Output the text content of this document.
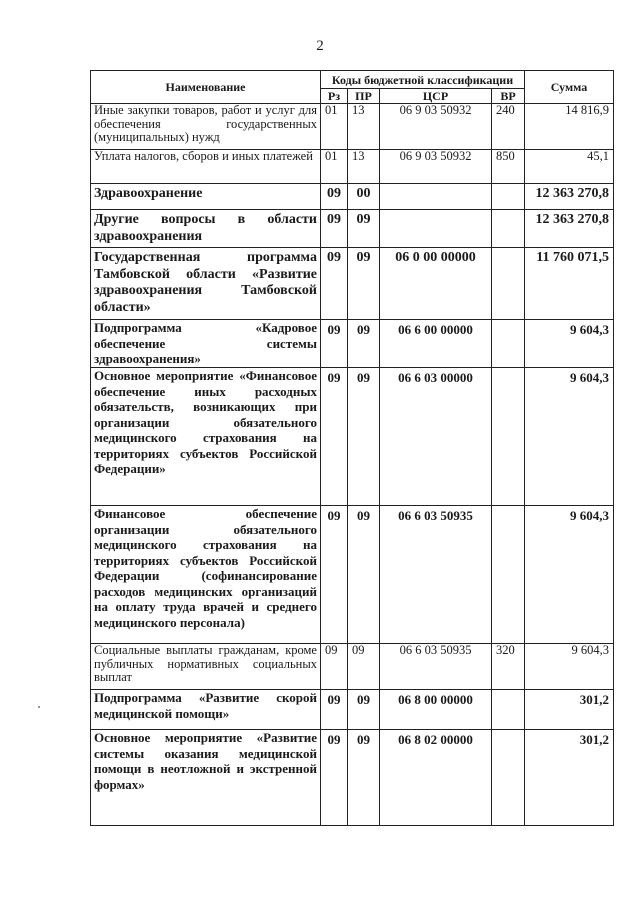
2
Наименование	Коды бюджетной классификации				Сумма
	Рз	ПР	ЦСР	ВР	
Иные закупки товаров, работ и услуг для обеспечения государственных (муниципальных) нужд	01	13	06 9 03 50932	240	14 816,9
Уплата налогов, сборов и иных платежей	01	13	06 9 03 50932	850	45,1
Здравоохранение	09	00			12 363 270,8
Другие вопросы в области здравоохранения	09	09			12 363 270,8
Государственная программа Тамбовской области «Развитие здравоохранения Тамбовской области»	09	09	06 0 00 00000		11 760 071,5
Подпрограмма «Кадровое обеспечение системы здравоохранения»	09	09	06 6 00 00000		9 604,3
Основное мероприятие «Финансовое обеспечение иных расходных обязательств, возникающих при организации обязательного медицинского страхования на территориях субъектов Российской Федерации»	09	09	06 6 03 00000		9 604,3
Финансовое обеспечение организации обязательного медицинского страхования на территориях субъектов Российской Федерации (софинансирование расходов медицинских организаций на оплату труда врачей и среднего медицинского персонала)	09	09	06 6 03 50935		9 604,3
Социальные выплаты гражданам, кроме публичных нормативных социальных выплат	09	09	06 6 03 50935	320	9 604,3
Подпрограмма «Развитие скорой медицинской помощи»	09	09	06 8 00 00000		301,2
Основное мероприятие «Развитие системы оказания медицинской помощи в неотложной и экстренной формах»	09	09	06 8 02 00000		301,2
